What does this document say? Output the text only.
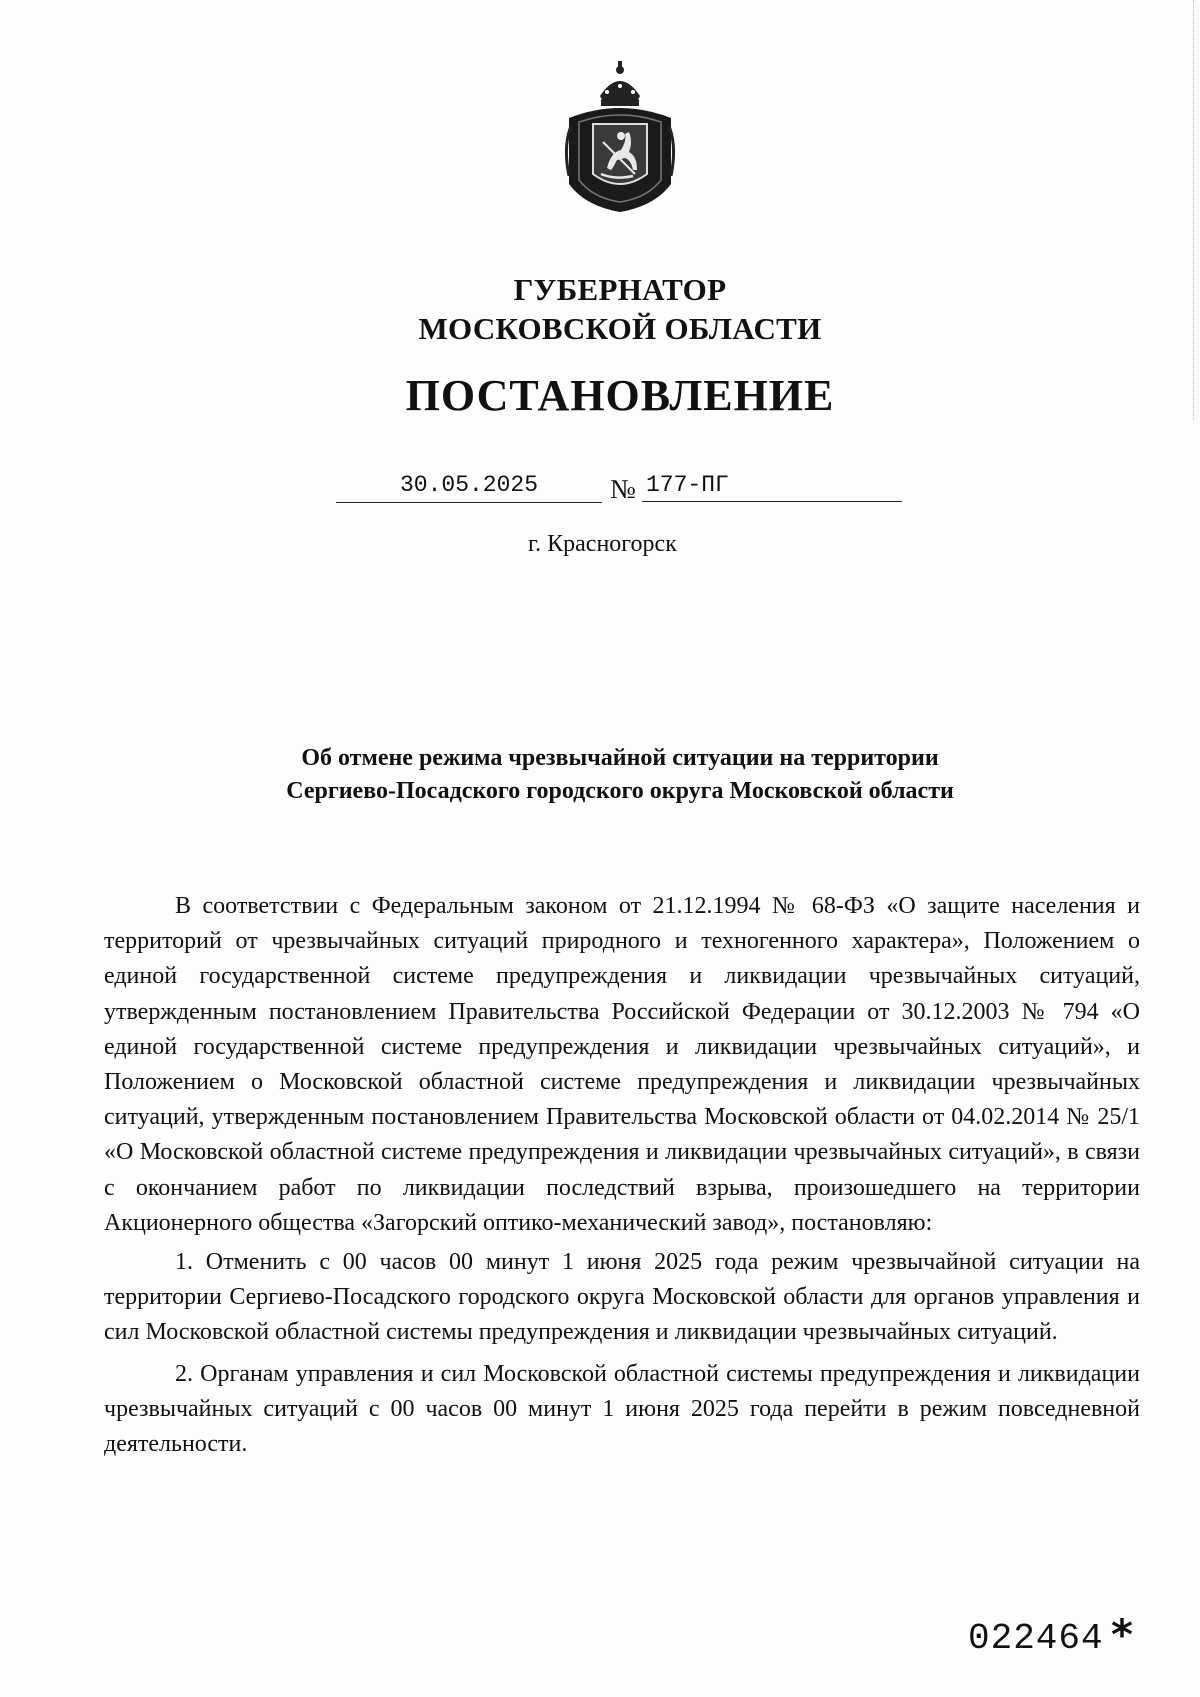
ГУБЕРНАТОР
МОСКОВСКОЙ ОБЛАСТИ
ПОСТАНОВЛЕНИЕ
30.05.2025	№ 177-ПГ
г. Красногорск
Об отмене режима чрезвычайной ситуации на территории
Сергиево-Посадского городского округа Московской области

В соответствии с Федеральным законом от 21.12.1994 № 68-ФЗ «О защите населения и территорий от чрезвычайных ситуаций природного и техногенного характера», Положением о единой государственной системе предупреждения и ликвидации чрезвычайных ситуаций, утвержденным постановлением Правительства Российской Федерации от 30.12.2003 № 794 «О единой государственной системе предупреждения и ликвидации чрезвычайных ситуаций», и Положением о Московской областной системе предупреждения и ликвидации чрезвычайных ситуаций, утвержденным постановлением Правительства Московской области от 04.02.2014 № 25/1 «О Московской областной системе предупреждения и ликвидации чрезвычайных ситуаций», в связи с окончанием работ по ликвидации последствий взрыва, произошедшего на территории Акционерного общества «Загорский оптико-механический завод», постановляю:

1. Отменить с 00 часов 00 минут 1 июня 2025 года режим чрезвычайной ситуации на территории Сергиево-Посадского городского округа Московской области для органов управления и сил Московской областной системы предупреждения и ликвидации чрезвычайных ситуаций.

2. Органам управления и сил Московской областной системы предупреждения и ликвидации чрезвычайных ситуаций с 00 часов 00 минут 1 июня 2025 года перейти в режим повседневной деятельности.

022464 *
